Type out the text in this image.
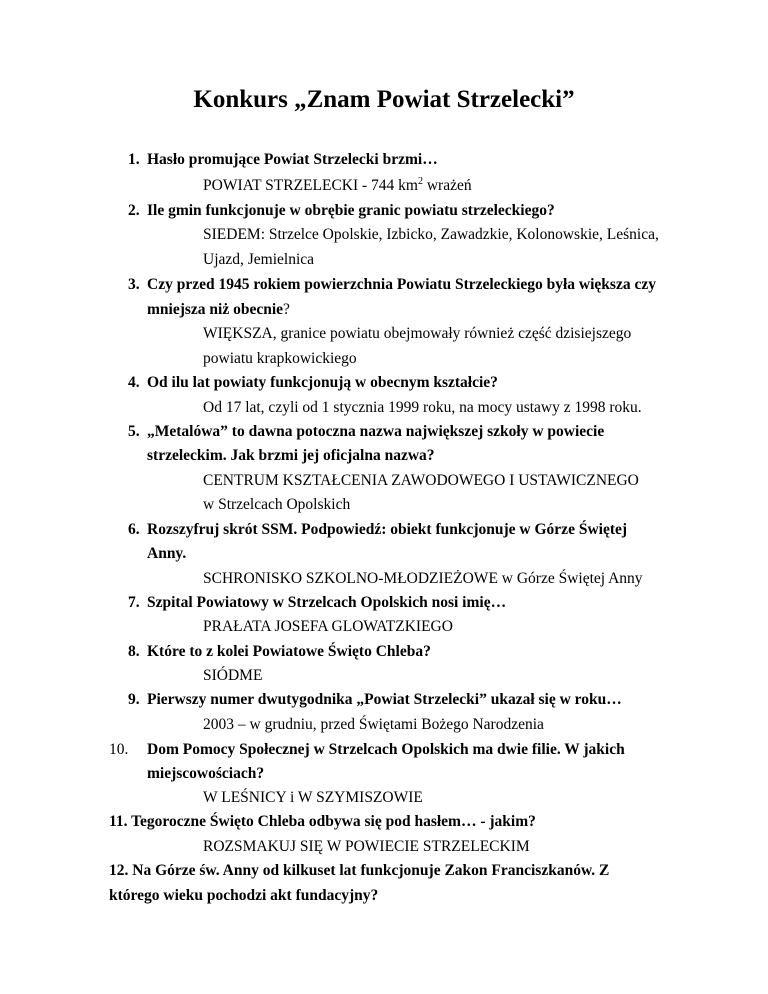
Konkurs „Znam Powiat Strzelecki”
1. Hasło promujące Powiat Strzelecki brzmi…
POWIAT STRZELECKI - 744 $km^2$ wrażeń
2. Ile gmin funkcjonuje w obrębie granic powiatu strzeleckiego?
SIEDEM: Strzelce Opolskie, Izbicko, Zawadzkie, Kolonowskie, Leśnica,
Ujazd, Jemielnica
3. Czy przed 1945 rokiem powierzchnia Powiatu Strzeleckiego była większa czy
mniejsza niż obecnie?
WIĘKSZA, granice powiatu obejmowały również część dzisiejszego
powiatu krapkowickiego
4. Od ilu lat powiaty funkcjonują w obecnym kształcie?
Od 17 lat, czyli od 1 stycznia 1999 roku, na mocy ustawy z 1998 roku.
5. „Metalówa” to dawna potoczna nazwa największej szkoły w powiecie
strzeleckim. Jak brzmi jej oficjalna nazwa?
CENTRUM KSZTAŁCENIA ZAWODOWEGO I USTAWICZNEGO
w Strzelcach Opolskich
6. Rozszyfruj skrót SSM. Podpowiedź: obiekt funkcjonuje w Górze Świętej
Anny.
SCHRONISKO SZKOLNO-MŁODZIEŻOWE w Górze Świętej Anny
7. Szpital Powiatowy w Strzelcach Opolskich nosi imię…
PRAŁATA JOSEFA GLOWATZKIEGO
8. Które to z kolei Powiatowe Święto Chleba?
SIÓDME
9. Pierwszy numer dwutygodnika „Powiat Strzelecki” ukazał się w roku…
2003 – w grudniu, przed Świętami Bożego Narodzenia
10. Dom Pomocy Społecznej w Strzelcach Opolskich ma dwie filie. W jakich
miejscowościach?
W LEŚNICY i W SZYMISZOWIE
11. Tegoroczne Święto Chleba odbywa się pod hasłem… - jakim?
ROZSMAKUJ SIĘ W POWIECIE STRZELECKIM
12. Na Górze św. Anny od kilkuset lat funkcjonuje Zakon Franciszkanów. Z
którego wieku pochodzi akt fundacyjny?
